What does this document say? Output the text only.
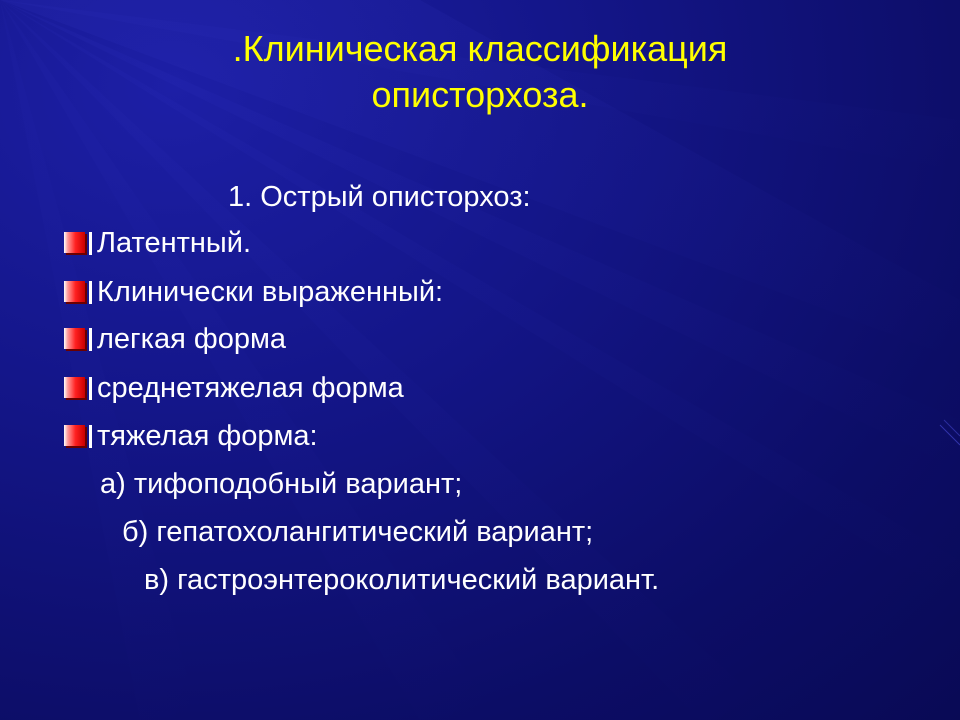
.Клиническая классификация
описторхоза.
1. Острый описторхоз:
Латентный.
Клинически выраженный:
легкая форма
среднетяжелая форма
тяжелая форма:
а) тифоподобный вариант;
б) гепатохолангитический вариант;
в) гастроэнтероколитический вариант.
